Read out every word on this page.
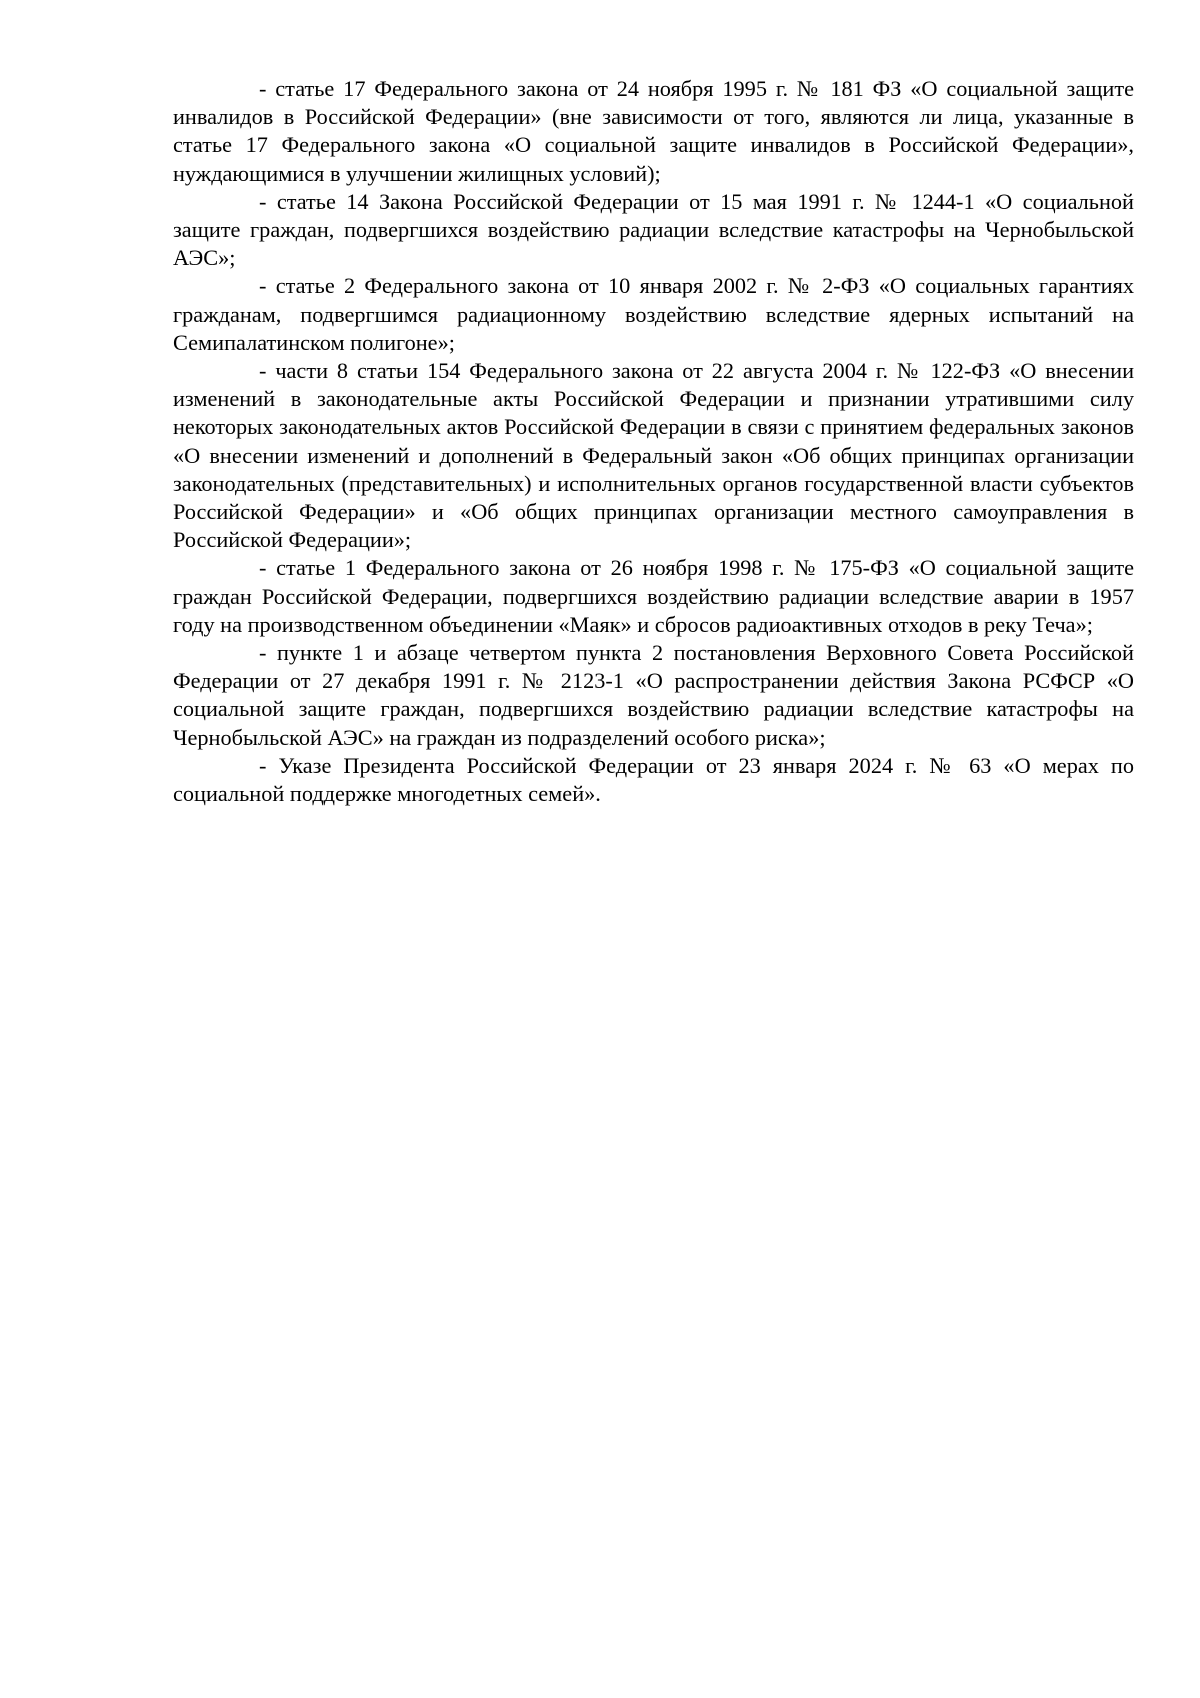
- статье 17 Федерального закона от 24 ноября 1995 г. № 181 ФЗ «О социальной защите инвалидов в Российской Федерации» (вне зависимости от того, являются ли лица, указанные в статье 17 Федерального закона «О социальной защите инвалидов в Российской Федерации», нуждающимися в улучшении жилищных условий);

- статье 14 Закона Российской Федерации от 15 мая 1991 г. № 1244-1 «О социальной защите граждан, подвергшихся воздействию радиации вследствие катастрофы на Чернобыльской АЭС»;

- статье 2 Федерального закона от 10 января 2002 г. № 2-ФЗ «О социальных гарантиях гражданам, подвергшимся радиационному воздействию вследствие ядерных испытаний на Семипалатинском полигоне»;

- части 8 статьи 154 Федерального закона от 22 августа 2004 г. № 122-ФЗ «О внесении изменений в законодательные акты Российской Федерации и признании утратившими силу некоторых законодательных актов Российской Федерации в связи с принятием федеральных законов «О внесении изменений и дополнений в Федеральный закон «Об общих принципах организации законодательных (представительных) и исполнительных органов государственной власти субъектов Российской Федерации» и «Об общих принципах организации местного самоуправления в Российской Федерации»;

- статье 1 Федерального закона от 26 ноября 1998 г. № 175-ФЗ «О социальной защите граждан Российской Федерации, подвергшихся воздействию радиации вследствие аварии в 1957 году на производственном объединении «Маяк» и сбросов радиоактивных отходов в реку Теча»;

- пункте 1 и абзаце четвертом пункта 2 постановления Верховного Совета Российской Федерации от 27 декабря 1991 г. № 2123-1 «О распространении действия Закона РСФСР «О социальной защите граждан, подвергшихся воздействию радиации вследствие катастрофы на Чернобыльской АЭС» на граждан из подразделений особого риска»;

- Указе Президента Российской Федерации от 23 января 2024 г. № 63 «О мерах по социальной поддержке многодетных семей».
